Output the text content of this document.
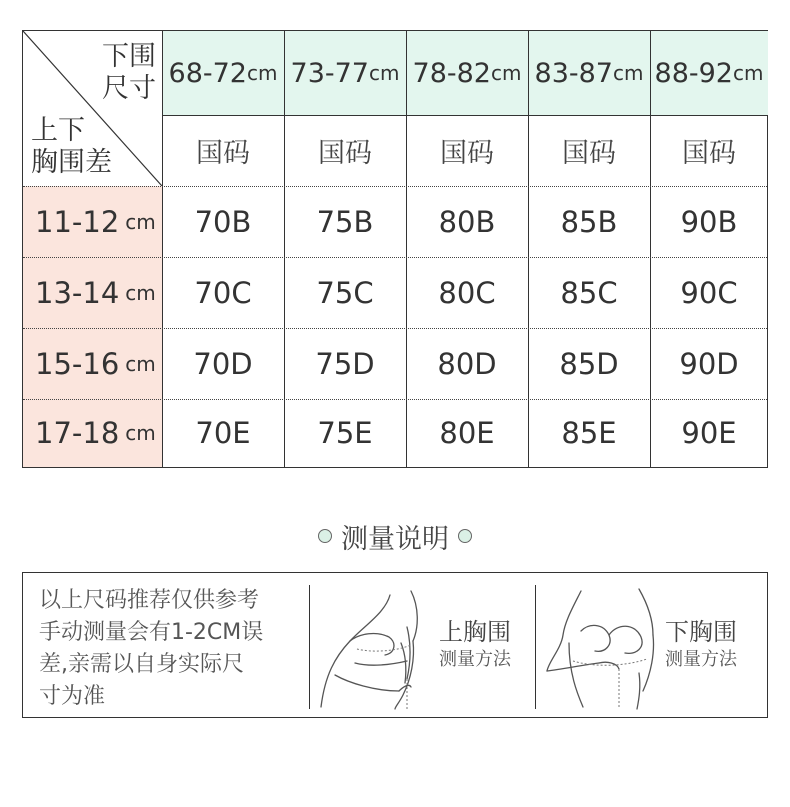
下围
尺寸
上下
胸围差
68-72 cm 73-77 cm 78-82 cm 83-87 cm 88-92 cm
国码	国码	国码	国码	国码
11-12 cm	70B	75B	80B	85B	90B
13-14 cm	70C	75C	80C	85C	90C
15-16 cm	70D	75D	80D	85D	90D
17-18 cm	70E	75E	80E	85E	90E
测量说明
以上尺码推荐仅供参考
手动测量会有1-2CM误
差,亲需以自身实际尺
寸为准
上胸围
测量方法
下胸围
测量方法
